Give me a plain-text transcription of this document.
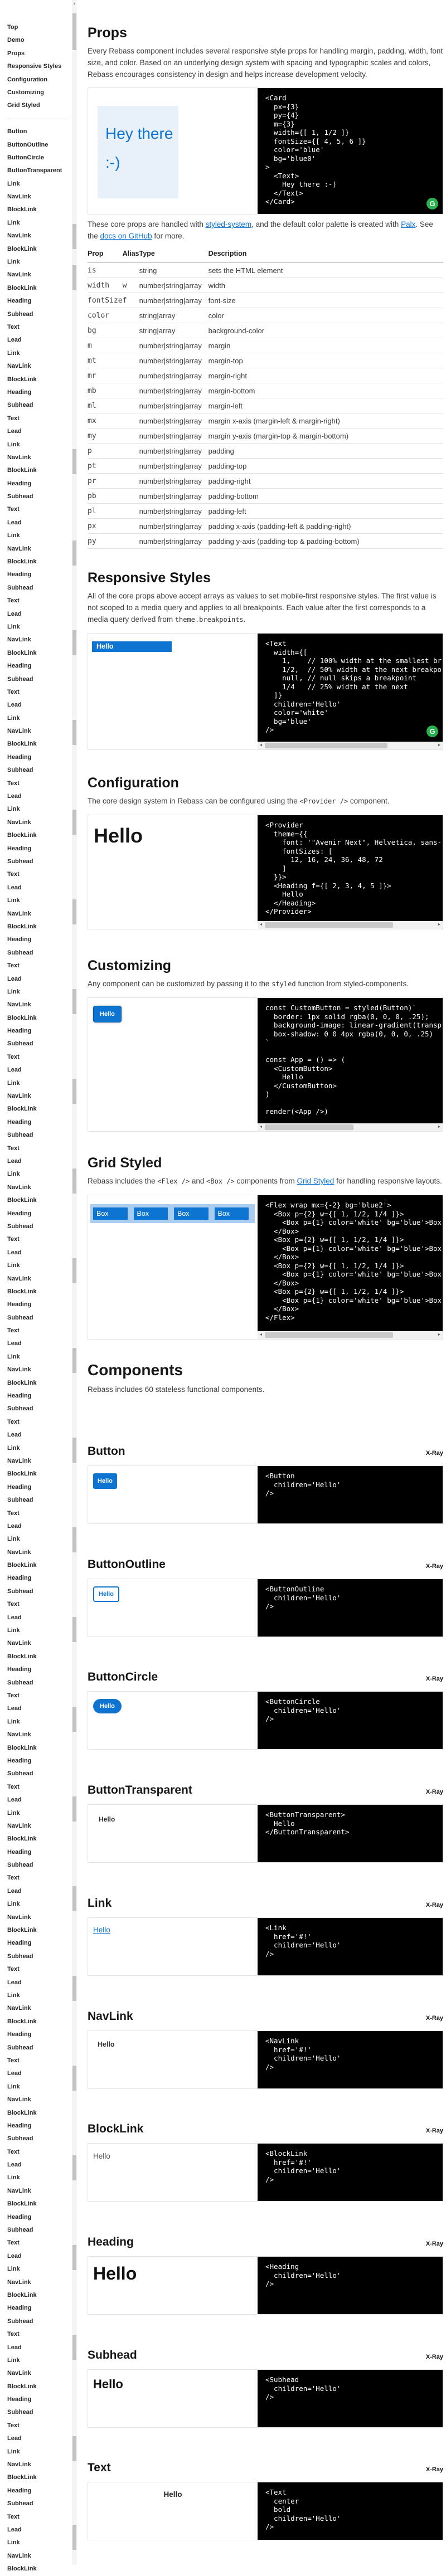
Top
Demo
Props
Responsive Styles
Configuration
Customizing
Grid Styled
Button
ButtonOutline
ButtonCircle
ButtonTransparent
Link
NavLink
BlockLink
Link
NavLink
BlockLink
Link
NavLink
BlockLink
Heading
Subhead
Text
Lead
Link
NavLink
BlockLink
Heading
Subhead
Text
Lead
Link
NavLink
BlockLink
Heading
Subhead
Text
Lead
Link
NavLink
BlockLink
Heading
Subhead
Text
Lead
Link
NavLink
BlockLink
Heading
Subhead
Text
Lead
Link
NavLink
BlockLink
Heading
Subhead
Text
Lead
Link
NavLink
BlockLink
Heading
Subhead
Text
Lead
Link
NavLink
BlockLink
Heading
Subhead
Text
Lead
Link
NavLink
BlockLink
Heading
Subhead
Text
Lead
Link
NavLink
BlockLink
Heading
Subhead
Text
Lead
Link
NavLink
BlockLink
Heading
Subhead
Text
Lead
Link
NavLink
BlockLink
Heading
Subhead
Text
Lead
Link
NavLink
BlockLink
Heading
Subhead
Text
Lead
Link
NavLink
BlockLink
Heading
Subhead
Text
Lead
Link
NavLink
BlockLink
Heading
Subhead
Text
Lead
Link
NavLink
BlockLink
Heading
Subhead
Text
Lead
Link
NavLink
BlockLink
Heading
Subhead
Text
Lead
Link
NavLink
BlockLink
Heading
Subhead
Text
Lead
Link
NavLink
BlockLink
Heading
Subhead
Text
Lead
Link
NavLink
BlockLink
Heading
Subhead
Text
Lead
Link
NavLink
BlockLink
Heading
Subhead
Text
Lead
Link
NavLink
BlockLink
Heading
Subhead
Text
Lead
Link
NavLink
BlockLink
Heading
Subhead
Text
Lead
Link
NavLink
BlockLink
Heading
Subhead
Text
Lead
Link
NavLink
BlockLink
Heading
Subhead
Text
Lead
Link
NavLink
BlockLink
▲
Props

Every Rebass component includes several responsive style props for handling margin, padding, width, font size, and color. Based on an underlying design system with spacing and typographic scales and colors, Rebass encourages consistency in design and helps increase development velocity.

Hey there :-)
<Card
px={3}
py={4}
m={3}
width={[ 1, 1/2 ]}
fontSize={[ 4, 5, 6 ]}
color='blue'
bg='blue0'
>
<Text>
Hey there :-)
</Text>
</Card>	G

These core props are handled with styled-system, and the default color palette is created with Palx. See the docs on GitHub for more.

Prop	Alias	Type	Description
is		string	sets the HTML element
width	w	number|string|array	width
fontSize	f	number|string|array	font-size
color		string|array	color
bg		string|array	background-color
m		number|string|array	margin
mt		number|string|array	margin-top
mr		number|string|array	margin-right
mb		number|string|array	margin-bottom
ml		number|string|array	margin-left
mx		number|string|array	margin x-axis (margin-left & margin-right)
my		number|string|array	margin y-axis (margin-top & margin-bottom)
p		number|string|array	padding
pt		number|string|array	padding-top
pr		number|string|array	padding-right
pb		number|string|array	padding-bottom
pl		number|string|array	padding-left
px		number|string|array	padding x-axis (padding-left & padding-right)
py		number|string|array	padding y-axis (padding-top & padding-bottom)
Responsive Styles

All of the core props above accept arrays as values to set mobile-first responsive styles. The first value is not scoped to a media query and applies to all breakpoints. Each value after the first corresponds to a media query derived from theme.breakpoints.

Hello	<Text
width={[
1,    // 100% width at the smallest br
1/2,  // 50% width at the next breakpo
null, // null skips a breakpoint
1/4   // 25% width at the next
]}
children='Hello'
color='white'
bg='blue'
/>	G
◄	►
Configuration

The core design system in Rebass can be configured using the <Provider /> component.

Hello	<Provider
theme={{
font: '"Avenir Next", Helvetica, sans-
fontSizes: [
12, 16, 24, 36, 48, 72
]
}}>
<Heading f={[ 2, 3, 4, 5 ]}>
Hello
</Heading>
</Provider>
◄	►
Customizing

Any component can be customized by passing it to the styled function from styled-components.

Hello
const CustomButton = styled(Button)`
border: 1px solid rgba(0, 0, 0, .25);
background-image: linear-gradient(transp
box-shadow: 0 0 4px rgba(0, 0, 0, .25)
`

const App = () => (
<CustomButton>
Hello
</CustomButton>
)

render(<App />)
◄	►
Grid Styled

Rebass includes the <Flex /> and <Box /> components from Grid Styled for handling responsive layouts.

Box	Box	Box	Box
<Flex wrap mx={-2} bg='blue2'>
<Box p={2} w={[ 1, 1/2, 1/4 ]}>
<Box p={1} color='white' bg='blue'>Box
</Box>
<Box p={2} w={[ 1, 1/2, 1/4 ]}>
<Box p={1} color='white' bg='blue'>Box
</Box>
<Box p={2} w={[ 1, 1/2, 1/4 ]}>
<Box p={1} color='white' bg='blue'>Box
</Box>
<Box p={2} w={[ 1, 1/2, 1/4 ]}>
<Box p={1} color='white' bg='blue'>Box
</Box>
</Flex>
◄	►
Components

Rebass includes 60 stateless functional components.

Button	X-Ray
Hello
<Button
children='Hello'
/>
ButtonOutline	X-Ray
Hello
<ButtonOutline
children='Hello'
/>
ButtonCircle	X-Ray
Hello
<ButtonCircle
children='Hello'
/>
ButtonTransparent	X-Ray
Hello
<ButtonTransparent>
Hello
</ButtonTransparent>
Link	X-Ray
Hello	<Link
href='#!'
children='Hello'
/>
NavLink	X-Ray
Hello	<NavLink
href='#!'
children='Hello'
/>
BlockLink	X-Ray
Hello	<BlockLink
href='#!'
children='Hello'
/>
Heading	X-Ray
Hello	<Heading
children='Hello'
/>
Subhead	X-Ray
Hello	<Subhead
children='Hello'
/>
Text	X-Ray
Hello	<Text
center
bold
children='Hello'
/>
